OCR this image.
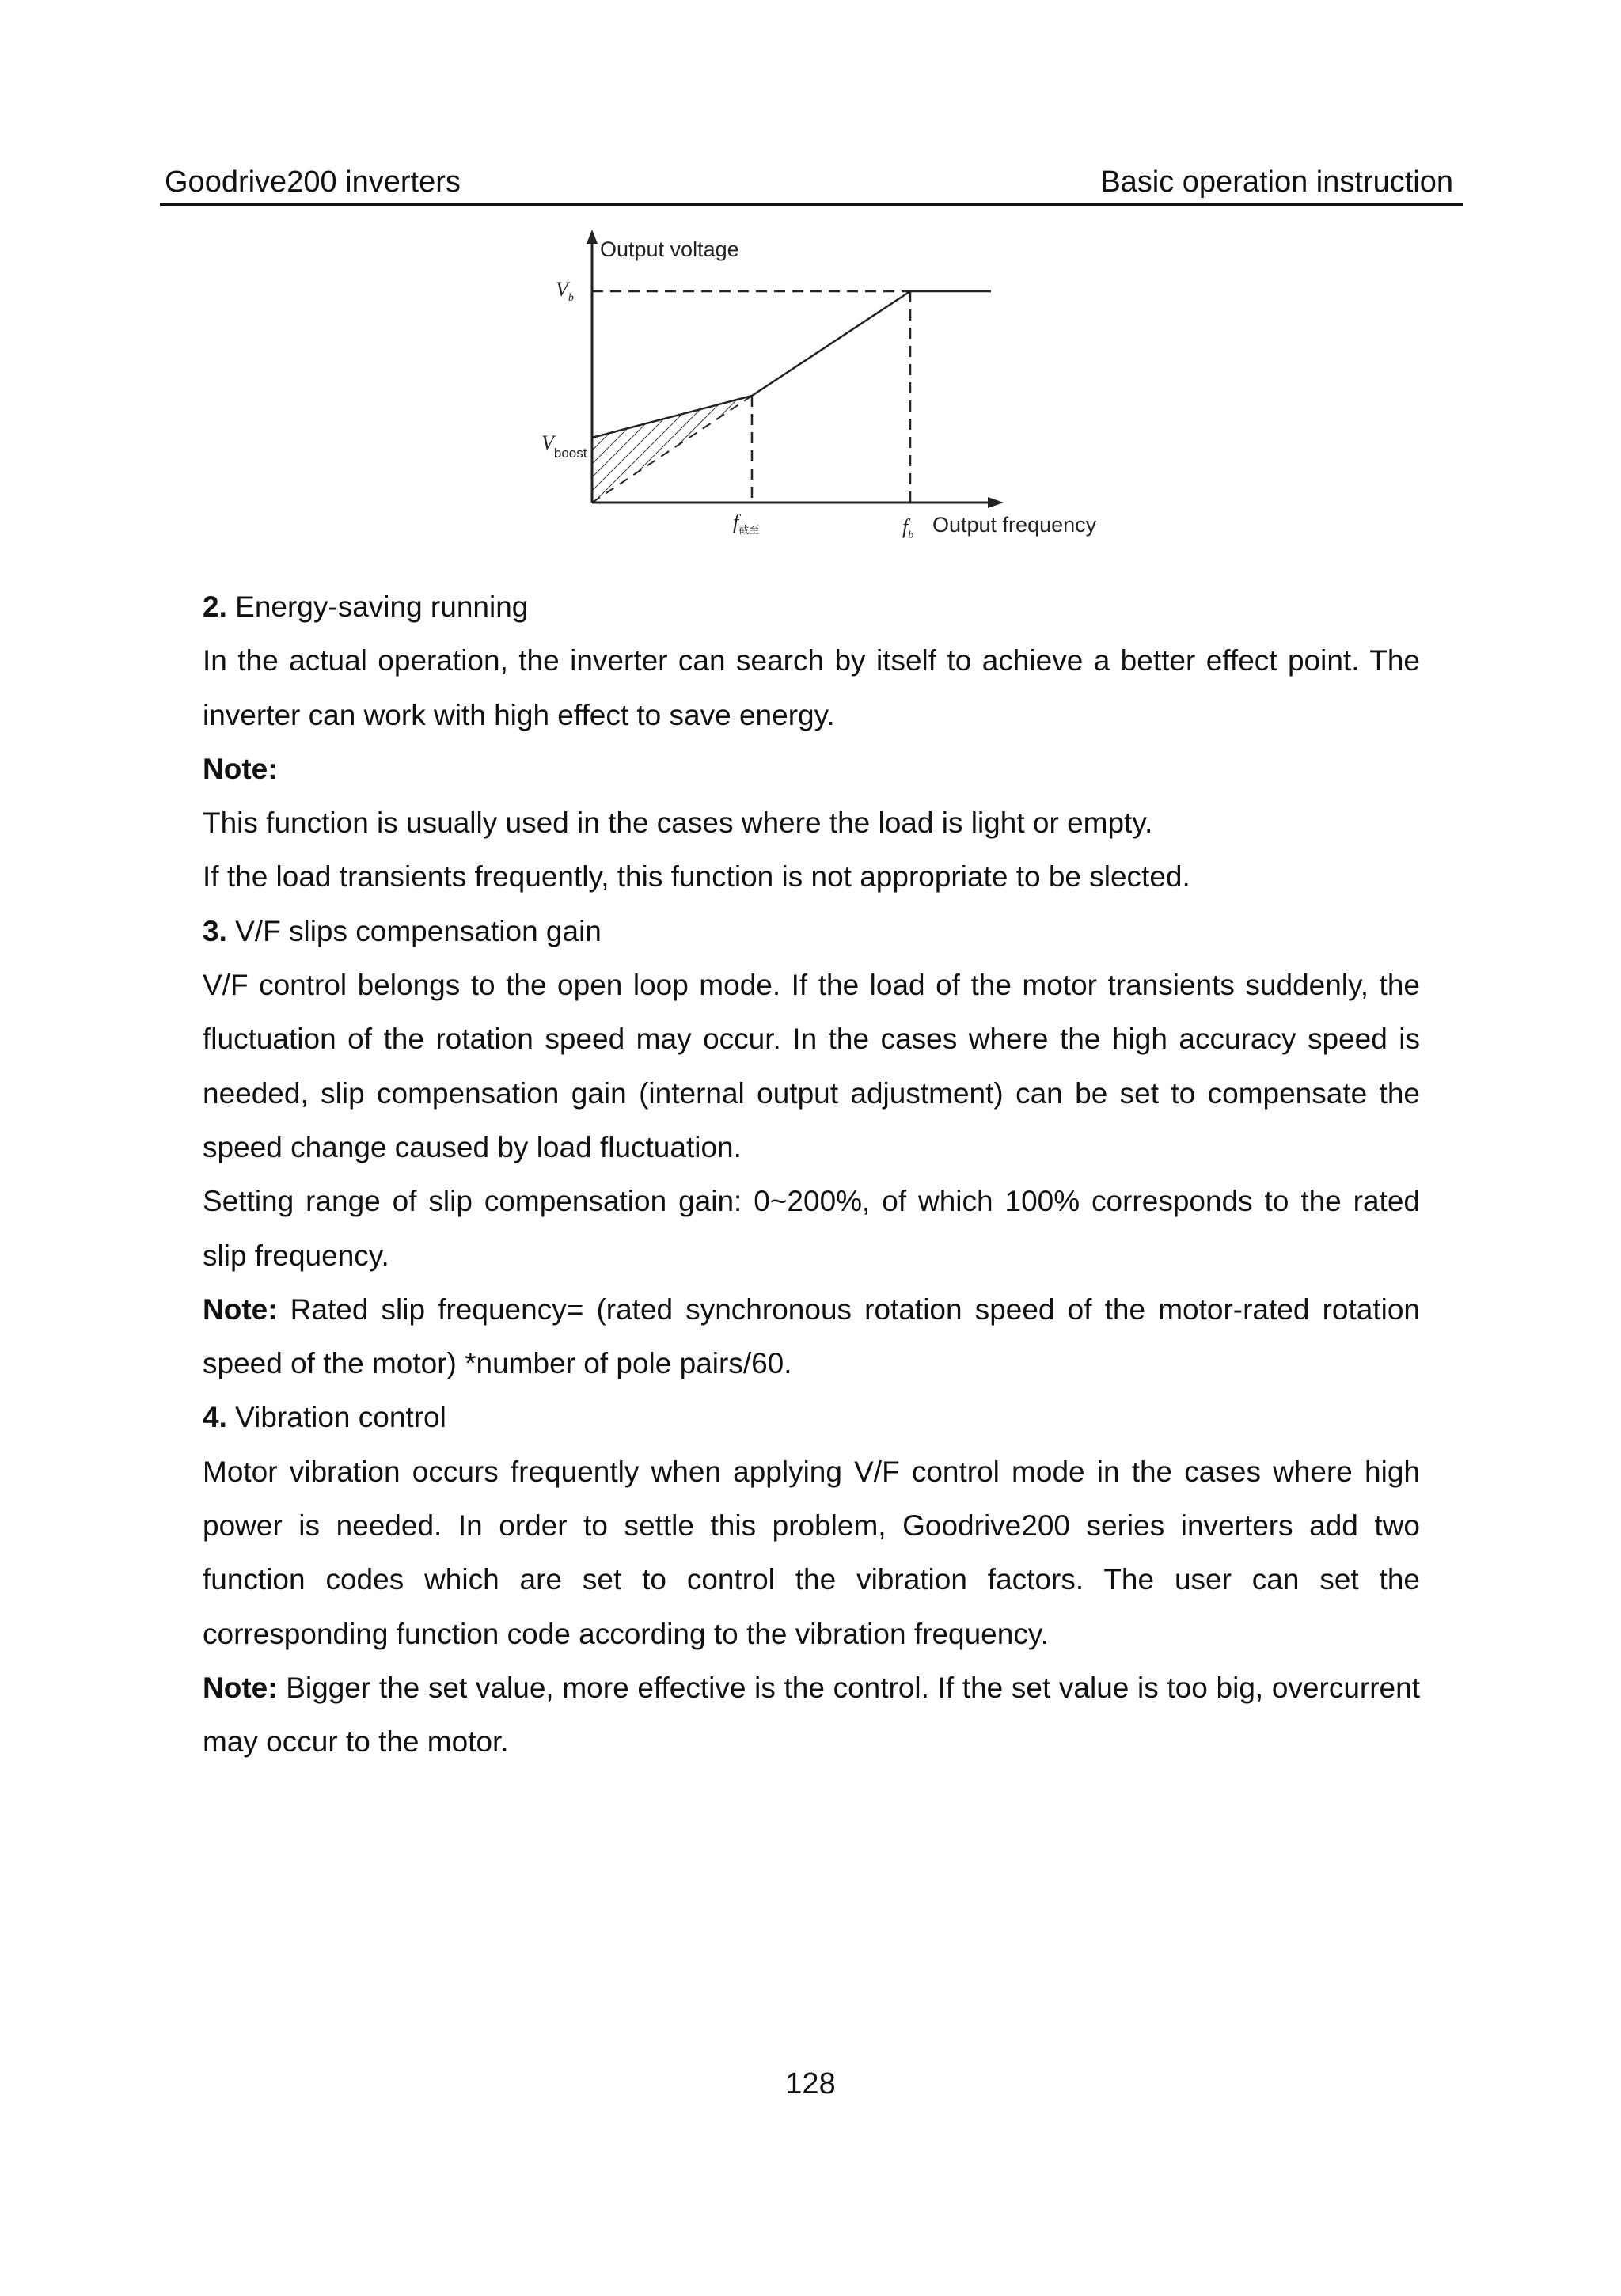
Goodrive200 inverters	Basic operation instruction
Output voltage
Output frequency
$V_b$
$V_{boost}$
$f_{截至}$	$f_b$

2. Energy-saving running

In the actual operation, the inverter can search by itself to achieve a better effect point. The inverter can work with high effect to save energy.

Note:

This function is usually used in the cases where the load is light or empty.

If the load transients frequently, this function is not appropriate to be slected.

3. V/F slips compensation gain

V/F control belongs to the open loop mode. If the load of the motor transients suddenly, the fluctuation of the rotation speed may occur. In the cases where the high accuracy speed is needed, slip compensation gain (internal output adjustment) can be set to compensate the speed change caused by load fluctuation.

Setting range of slip compensation gain: 0~200%, of which 100% corresponds to the rated slip frequency.

Note: Rated slip frequency= (rated synchronous rotation speed of the motor-rated rotation speed of the motor) *number of pole pairs/60.

4. Vibration control

Motor vibration occurs frequently when applying V/F control mode in the cases where high power is needed. In order to settle this problem, Goodrive200 series inverters add two function codes which are set to control the vibration factors. The user can set the corresponding function code according to the vibration frequency.

Note: Bigger the set value, more effective is the control. If the set value is too big, overcurrent may occur to the motor.

128
